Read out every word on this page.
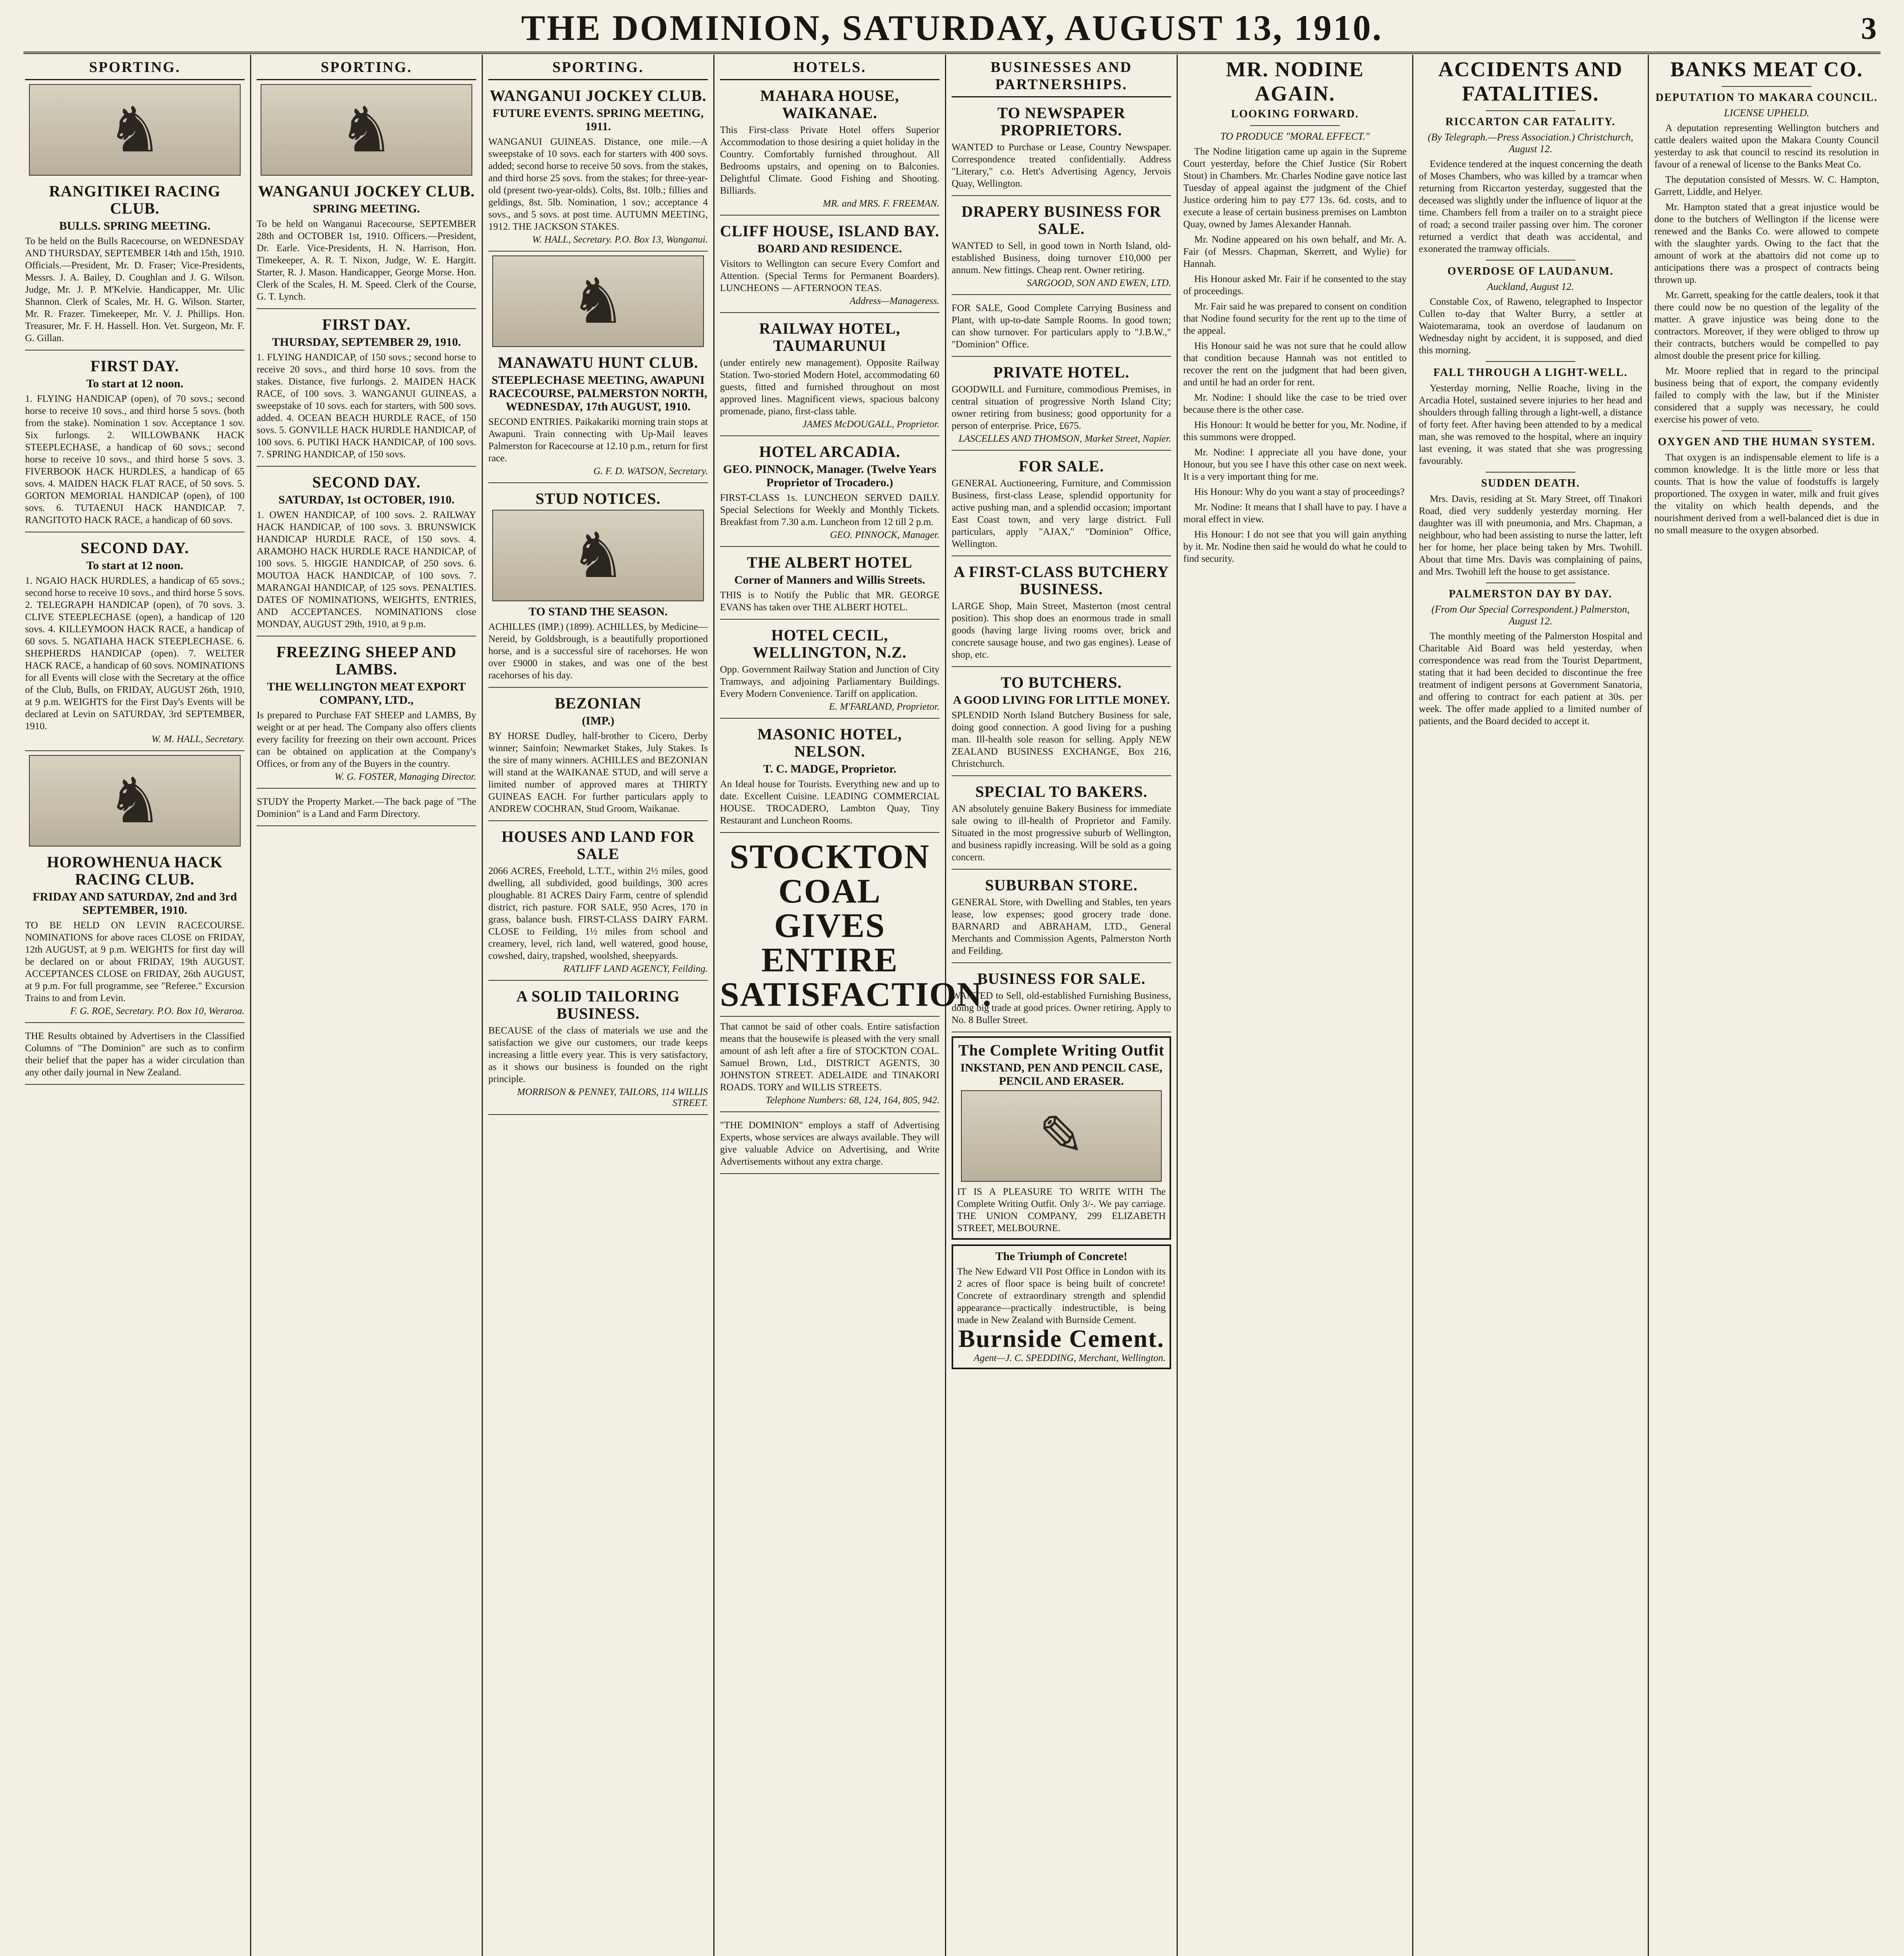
THE DOMINION, SATURDAY, AUGUST 13, 1910.	3
SPORTING.
♞
RANGITIKEI RACING CLUB.
BULLS. SPRING MEETING.

To be held on the Bulls Racecourse, on WEDNESDAY AND THURSDAY, SEPTEMBER 14th and 15th, 1910. Officials.—President, Mr. D. Fraser; Vice-Presidents, Messrs. J. A. Bailey, D. Coughlan and J. G. Wilson. Judge, Mr. J. P. M'Kelvie. Handicapper, Mr. Ulic Shannon. Clerk of Scales, Mr. H. G. Wilson. Starter, Mr. R. Frazer. Timekeeper, Mr. V. J. Phillips. Hon. Treasurer, Mr. F. H. Hassell. Hon. Vet. Surgeon, Mr. F. G. Gillan.

FIRST DAY.
To start at 12 noon.

1. FLYING HANDICAP (open), of 70 sovs.; second horse to receive 10 sovs., and third horse 5 sovs. (both from the stake). Nomination 1 sov. Acceptance 1 sov. Six furlongs. 2. WILLOWBANK HACK STEEPLECHASE, a handicap of 60 sovs.; second horse to receive 10 sovs., and third horse 5 sovs. 3. FIVERBOOK HACK HURDLES, a handicap of 65 sovs. 4. MAIDEN HACK FLAT RACE, of 50 sovs. 5. GORTON MEMORIAL HANDICAP (open), of 100 sovs. 6. TUTAENUI HACK HANDICAP. 7. RANGITOTO HACK RACE, a handicap of 60 sovs.

SECOND DAY.
To start at 12 noon.

1. NGAIO HACK HURDLES, a handicap of 65 sovs.; second horse to receive 10 sovs., and third horse 5 sovs. 2. TELEGRAPH HANDICAP (open), of 70 sovs. 3. CLIVE STEEPLECHASE (open), a handicap of 120 sovs. 4. KILLEYMOON HACK RACE, a handicap of 60 sovs. 5. NGATIAHA HACK STEEPLECHASE. 6. SHEPHERDS HANDICAP (open). 7. WELTER HACK RACE, a handicap of 60 sovs. NOMINATIONS for all Events will close with the Secretary at the office of the Club, Bulls, on FRIDAY, AUGUST 26th, 1910, at 9 p.m. WEIGHTS for the First Day's Events will be declared at Levin on SATURDAY, 3rd SEPTEMBER, 1910.

W. M. HALL, Secretary.
♞
HOROWHENUA HACK RACING CLUB.
FRIDAY AND SATURDAY, 2nd and 3rd SEPTEMBER, 1910.

TO BE HELD ON LEVIN RACECOURSE. NOMINATIONS for above races CLOSE on FRIDAY, 12th AUGUST, at 9 p.m. WEIGHTS for first day will be declared on or about FRIDAY, 19th AUGUST. ACCEPTANCES CLOSE on FRIDAY, 26th AUGUST, at 9 p.m. For full programme, see "Referee." Excursion Trains to and from Levin.

F. G. ROE, Secretary. P.O. Box 10, Weraroa.

THE Results obtained by Advertisers in the Classified Columns of "The Dominion" are such as to confirm their belief that the paper has a wider circulation than any other daily journal in New Zealand.

SPORTING.
♞
WANGANUI JOCKEY CLUB.
SPRING MEETING.

To be held on Wanganui Racecourse, SEPTEMBER 28th and OCTOBER 1st, 1910. Officers.—President, Dr. Earle. Vice-Presidents, H. N. Harrison, Hon. Timekeeper, A. R. T. Nixon, Judge, W. E. Hargitt. Starter, R. J. Mason. Handicapper, George Morse. Hon. Clerk of the Scales, H. M. Speed. Clerk of the Course, G. T. Lynch.

FIRST DAY.
THURSDAY, SEPTEMBER 29, 1910.

1. FLYING HANDICAP, of 150 sovs.; second horse to receive 20 sovs., and third horse 10 sovs. from the stakes. Distance, five furlongs. 2. MAIDEN HACK RACE, of 100 sovs. 3. WANGANUI GUINEAS, a sweepstake of 10 sovs. each for starters, with 500 sovs. added. 4. OCEAN BEACH HURDLE RACE, of 150 sovs. 5. GONVILLE HACK HURDLE HANDICAP, of 100 sovs. 6. PUTIKI HACK HANDICAP, of 100 sovs. 7. SPRING HANDICAP, of 150 sovs.

SECOND DAY.
SATURDAY, 1st OCTOBER, 1910.

1. OWEN HANDICAP, of 100 sovs. 2. RAILWAY HACK HANDICAP, of 100 sovs. 3. BRUNSWICK HANDICAP HURDLE RACE, of 150 sovs. 4. ARAMOHO HACK HURDLE RACE HANDICAP, of 100 sovs. 5. HIGGIE HANDICAP, of 250 sovs. 6. MOUTOA HACK HANDICAP, of 100 sovs. 7. MARANGAI HANDICAP, of 125 sovs. PENALTIES. DATES OF NOMINATIONS, WEIGHTS, ENTRIES, AND ACCEPTANCES. NOMINATIONS close MONDAY, AUGUST 29th, 1910, at 9 p.m.

FREEZING SHEEP AND LAMBS.
THE WELLINGTON MEAT EXPORT COMPANY, LTD.,

Is prepared to Purchase FAT SHEEP and LAMBS, By weight or at per head. The Company also offers clients every facility for freezing on their own account. Prices can be obtained on application at the Company's Offices, or from any of the Buyers in the country.

W. G. FOSTER, Managing Director.

STUDY the Property Market.—The back page of "The Dominion" is a Land and Farm Directory.

SPORTING.
WANGANUI JOCKEY CLUB.
FUTURE EVENTS. SPRING MEETING, 1911.

WANGANUI GUINEAS. Distance, one mile.—A sweepstake of 10 sovs. each for starters with 400 sovs. added; second horse to receive 50 sovs. from the stakes, and third horse 25 sovs. from the stakes; for three-year-old (present two-year-olds). Colts, 8st. 10lb.; fillies and geldings, 8st. 5lb. Nomination, 1 sov.; acceptance 4 sovs., and 5 sovs. at post time. AUTUMN MEETING, 1912. THE JACKSON STAKES.

W. HALL, Secretary. P.O. Box 13, Wanganui.
♞
MANAWATU HUNT CLUB.
STEEPLECHASE MEETING, AWAPUNI RACECOURSE, PALMERSTON NORTH, WEDNESDAY, 17th AUGUST, 1910.

SECOND ENTRIES. Paikakariki morning train stops at Awapuni. Train connecting with Up-Mail leaves Palmerston for Racecourse at 12.10 p.m., return for first race.

G. F. D. WATSON, Secretary.
STUD NOTICES.
♞
TO STAND THE SEASON.

ACHILLES (IMP.) (1899). ACHILLES, by Medicine—Nereid, by Goldsbrough, is a beautifully proportioned horse, and is a successful sire of racehorses. He won over £9000 in stakes, and was one of the best racehorses of his day.

BEZONIAN
(IMP.)

BY HORSE Dudley, half-brother to Cicero, Derby winner; Sainfoin; Newmarket Stakes, July Stakes. Is the sire of many winners. ACHILLES and BEZONIAN will stand at the WAIKANAE STUD, and will serve a limited number of approved mares at THIRTY GUINEAS EACH. For further particulars apply to ANDREW COCHRAN, Stud Groom, Waikanae.

HOUSES AND LAND FOR SALE

2066 ACRES, Freehold, L.T.T., within 2½ miles, good dwelling, all subdivided, good buildings, 300 acres ploughable. 81 ACRES Dairy Farm, centre of splendid district, rich pasture. FOR SALE, 950 Acres, 170 in grass, balance bush. FIRST-CLASS DAIRY FARM. CLOSE to Feilding, 1½ miles from school and creamery, level, rich land, well watered, good house, cowshed, dairy, trapshed, woolshed, sheepyards.

RATLIFF LAND AGENCY, Feilding.
A SOLID TAILORING BUSINESS.

BECAUSE of the class of materials we use and the satisfaction we give our customers, our trade keeps increasing a little every year. This is very satisfactory, as it shows our business is founded on the right principle.

MORRISON & PENNEY, TAILORS, 114 WILLIS STREET.
HOTELS.
MAHARA HOUSE, WAIKANAE.

This First-class Private Hotel offers Superior Accommodation to those desiring a quiet holiday in the Country. Comfortably furnished throughout. All Bedrooms upstairs, and opening on to Balconies. Delightful Climate. Good Fishing and Shooting. Billiards.

MR. and MRS. F. FREEMAN.
CLIFF HOUSE, ISLAND BAY.
BOARD AND RESIDENCE.

Visitors to Wellington can secure Every Comfort and Attention. (Special Terms for Permanent Boarders). LUNCHEONS — AFTERNOON TEAS.

Address—Manageress.
RAILWAY HOTEL, TAUMARUNUI

(under entirely new management). Opposite Railway Station. Two-storied Modern Hotel, accommodating 60 guests, fitted and furnished throughout on most approved lines. Magnificent views, spacious balcony promenade, piano, first-class table.

JAMES McDOUGALL, Proprietor.
HOTEL ARCADIA.
GEO. PINNOCK, Manager. (Twelve Years Proprietor of Trocadero.)

FIRST-CLASS 1s. LUNCHEON SERVED DAILY. Special Selections for Weekly and Monthly Tickets. Breakfast from 7.30 a.m. Luncheon from 12 till 2 p.m.

GEO. PINNOCK, Manager.
THE ALBERT HOTEL
Corner of Manners and Willis Streets.

THIS is to Notify the Public that MR. GEORGE EVANS has taken over THE ALBERT HOTEL.

HOTEL CECIL, WELLINGTON, N.Z.

Opp. Government Railway Station and Junction of City Tramways, and adjoining Parliamentary Buildings. Every Modern Convenience. Tariff on application.

E. M'FARLAND, Proprietor.
MASONIC HOTEL, NELSON.
T. C. MADGE, Proprietor.

An Ideal house for Tourists. Everything new and up to date. Excellent Cuisine. LEADING COMMERCIAL HOUSE. TROCADERO, Lambton Quay, Tiny Restaurant and Luncheon Rooms.

STOCKTON COAL GIVES ENTIRE SATISFACTION.

That cannot be said of other coals. Entire satisfaction means that the housewife is pleased with the very small amount of ash left after a fire of STOCKTON COAL. Samuel Brown, Ltd., DISTRICT AGENTS, 30 JOHNSTON STREET. ADELAIDE and TINAKORI ROADS. TORY and WILLIS STREETS.

Telephone Numbers: 68, 124, 164, 805, 942.

"THE DOMINION" employs a staff of Advertising Experts, whose services are always available. They will give valuable Advice on Advertising, and Write Advertisements without any extra charge.

BUSINESSES AND PARTNERSHIPS.
TO NEWSPAPER PROPRIETORS.

WANTED to Purchase or Lease, Country Newspaper. Correspondence treated confidentially. Address "Literary," c.o. Hett's Advertising Agency, Jervois Quay, Wellington.

DRAPERY BUSINESS FOR SALE.

WANTED to Sell, in good town in North Island, old-established Business, doing turnover £10,000 per annum. New fittings. Cheap rent. Owner retiring.

SARGOOD, SON AND EWEN, LTD.

FOR SALE, Good Complete Carrying Business and Plant, with up-to-date Sample Rooms. In good town; can show turnover. For particulars apply to "J.B.W.," "Dominion" Office.

PRIVATE HOTEL.

GOODWILL and Furniture, commodious Premises, in central situation of progressive North Island City; owner retiring from business; good opportunity for a person of enterprise. Price, £675.

LASCELLES AND THOMSON, Market Street, Napier.
FOR SALE.

GENERAL Auctioneering, Furniture, and Commission Business, first-class Lease, splendid opportunity for active pushing man, and a splendid occasion; important East Coast town, and very large district. Full particulars, apply "AJAX," "Dominion" Office, Wellington.

A FIRST-CLASS BUTCHERY BUSINESS.

LARGE Shop, Main Street, Masterton (most central position). This shop does an enormous trade in small goods (having large living rooms over, brick and concrete sausage house, and two gas engines). Lease of shop, etc.

TO BUTCHERS.
A GOOD LIVING FOR LITTLE MONEY.

SPLENDID North Island Butchery Business for sale, doing good connection. A good living for a pushing man. Ill-health sole reason for selling. Apply NEW ZEALAND BUSINESS EXCHANGE, Box 216, Christchurch.

SPECIAL TO BAKERS.

AN absolutely genuine Bakery Business for immediate sale owing to ill-health of Proprietor and Family. Situated in the most progressive suburb of Wellington, and business rapidly increasing. Will be sold as a going concern.

SUBURBAN STORE.

GENERAL Store, with Dwelling and Stables, ten years lease, low expenses; good grocery trade done. BARNARD and ABRAHAM, LTD., General Merchants and Commission Agents, Palmerston North and Feilding.

BUSINESS FOR SALE.

WANTED to Sell, old-established Furnishing Business, doing big trade at good prices. Owner retiring. Apply to No. 8 Buller Street.

The Complete Writing Outfit
INKSTAND, PEN AND PENCIL CASE, PENCIL AND ERASER.
✎

IT IS A PLEASURE TO WRITE WITH The Complete Writing Outfit. Only 3/-. We pay carriage. THE UNION COMPANY, 299 ELIZABETH STREET, MELBOURNE.

The Triumph of Concrete!

The New Edward VII Post Office in London with its 2 acres of floor space is being built of concrete! Concrete of extraordinary strength and splendid appearance—practically indestructible, is being made in New Zealand with Burnside Cement.

Burnside Cement.
Agent—J. C. SPEDDING, Merchant, Wellington.
MR. NODINE AGAIN.
LOOKING FORWARD.
TO PRODUCE "MORAL EFFECT."

The Nodine litigation came up again in the Supreme Court yesterday, before the Chief Justice (Sir Robert Stout) in Chambers. Mr. Charles Nodine gave notice last Tuesday of appeal against the judgment of the Chief Justice ordering him to pay £77 13s. 6d. costs, and to execute a lease of certain business premises on Lambton Quay, owned by James Alexander Hannah.

Mr. Nodine appeared on his own behalf, and Mr. A. Fair (of Messrs. Chapman, Skerrett, and Wylie) for Hannah.

His Honour asked Mr. Fair if he consented to the stay of proceedings.

Mr. Fair said he was prepared to consent on condition that Nodine found security for the rent up to the time of the appeal.

His Honour said he was not sure that he could allow that condition because Hannah was not entitled to recover the rent on the judgment that had been given, and until he had an order for rent.

Mr. Nodine: I should like the case to be tried over because there is the other case.

His Honour: It would be better for you, Mr. Nodine, if this summons were dropped.

Mr. Nodine: I appreciate all you have done, your Honour, but you see I have this other case on next week. It is a very important thing for me.

His Honour: Why do you want a stay of proceedings?

Mr. Nodine: It means that I shall have to pay. I have a moral effect in view.

His Honour: I do not see that you will gain anything by it. Mr. Nodine then said he would do what he could to find security.

ACCIDENTS AND FATALITIES.
RICCARTON CAR FATALITY.
(By Telegraph.—Press Association.) Christchurch, August 12.

Evidence tendered at the inquest concerning the death of Moses Chambers, who was killed by a tramcar when returning from Riccarton yesterday, suggested that the deceased was slightly under the influence of liquor at the time. Chambers fell from a trailer on to a straight piece of road; a second trailer passing over him. The coroner returned a verdict that death was accidental, and exonerated the tramway officials.

OVERDOSE OF LAUDANUM.
Auckland, August 12.

Constable Cox, of Raweno, telegraphed to Inspector Cullen to-day that Walter Burry, a settler at Waiotemarama, took an overdose of laudanum on Wednesday night by accident, it is supposed, and died this morning.

FALL THROUGH A LIGHT-WELL.

Yesterday morning, Nellie Roache, living in the Arcadia Hotel, sustained severe injuries to her head and shoulders through falling through a light-well, a distance of forty feet. After having been attended to by a medical man, she was removed to the hospital, where an inquiry last evening, it was stated that she was progressing favourably.

SUDDEN DEATH.

Mrs. Davis, residing at St. Mary Street, off Tinakori Road, died very suddenly yesterday morning. Her daughter was ill with pneumonia, and Mrs. Chapman, a neighbour, who had been assisting to nurse the latter, left her for home, her place being taken by Mrs. Twohill. About that time Mrs. Davis was complaining of pains, and Mrs. Twohill left the house to get assistance.

PALMERSTON DAY BY DAY.
(From Our Special Correspondent.) Palmerston, August 12.

The monthly meeting of the Palmerston Hospital and Charitable Aid Board was held yesterday, when correspondence was read from the Tourist Department, stating that it had been decided to discontinue the free treatment of indigent persons at Government Sanatoria, and offering to contract for each patient at 30s. per week. The offer made applied to a limited number of patients, and the Board decided to accept it.

BANKS MEAT CO.
DEPUTATION TO MAKARA COUNCIL.
LICENSE UPHELD.

A deputation representing Wellington butchers and cattle dealers waited upon the Makara County Council yesterday to ask that council to rescind its resolution in favour of a renewal of license to the Banks Meat Co.

The deputation consisted of Messrs. W. C. Hampton, Garrett, Liddle, and Helyer.

Mr. Hampton stated that a great injustice would be done to the butchers of Wellington if the license were renewed and the Banks Co. were allowed to compete with the slaughter yards. Owing to the fact that the amount of work at the abattoirs did not come up to anticipations there was a prospect of contracts being thrown up.

Mr. Garrett, speaking for the cattle dealers, took it that there could now be no question of the legality of the matter. A grave injustice was being done to the contractors. Moreover, if they were obliged to throw up their contracts, butchers would be compelled to pay almost double the present price for killing.

Mr. Moore replied that in regard to the principal business being that of export, the company evidently failed to comply with the law, but if the Minister considered that a supply was necessary, he could exercise his power of veto.

OXYGEN AND THE HUMAN SYSTEM.

That oxygen is an indispensable element to life is a common knowledge. It is the little more or less that counts. That is how the value of foodstuffs is largely proportioned. The oxygen in water, milk and fruit gives the vitality on which health depends, and the nourishment derived from a well-balanced diet is due in no small measure to the oxygen absorbed.
